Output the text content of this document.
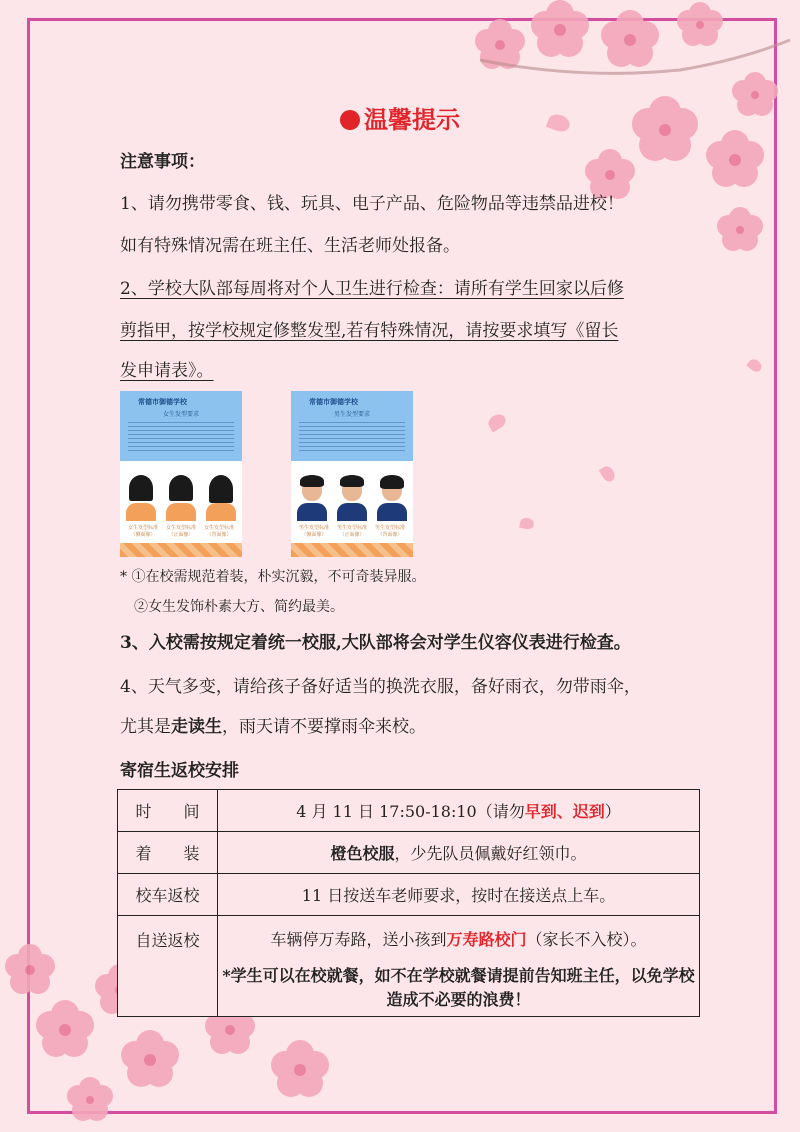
温馨提示
注意事项：
1、请勿携带零食、钱、玩具、电子产品、危险物品等违禁品进校！
如有特殊情况需在班主任、生活老师处报备。
2、学校大队部每周将对个人卫生进行检查：请所有学生回家以后修
剪指甲，按学校规定修整发型,若有特殊情况，请按要求填写《留长
发申请表》。
常德市御德学校
女生发型要求
女生发型标准（侧面像）
女生发型标准（正面像）
女生发型标准（背面像）
常德市御德学校
男生发型要求
男生发型标准（侧面像）
男生发型标准（正面像）
男生发型标准（背面像）
* ①在校需规范着装，朴实沉毅，不可奇装异服。
②女生发饰朴素大方、简约最美。
3、入校需按规定着统一校服,大队部将会对学生仪容仪表进行检查。
4、天气多变，请给孩子备好适当的换洗衣服，备好雨衣，勿带雨伞，
尤其是走读生，雨天请不要撑雨伞来校。
寄宿生返校安排
时　　间	4 月 11 日 17:50-18:10（请勿早到、迟到）
着　　装	橙色校服，少先队员佩戴好红领巾。
校车返校	11 日按送车老师要求，按时在接送点上车。
自送返校	车辆停万寿路，送小孩到万寿路校门（家长不入校）。
	*学生可以在校就餐，如不在学校就餐请提前告知班主任，以免学校造成不必要的浪费！
